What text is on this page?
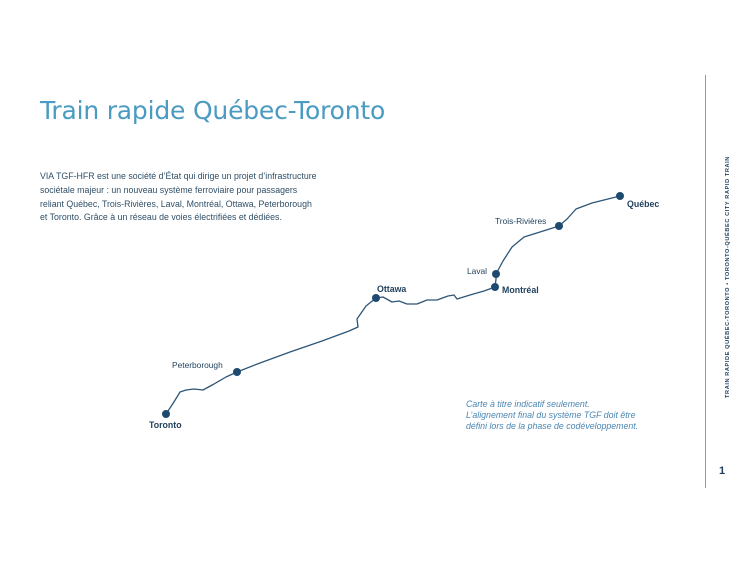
Train rapide Québec-Toronto

VIA TGF-HFR est une société d’État qui dirige un projet d’infrastructure
sociétale majeur : un nouveau système ferroviaire pour passagers
reliant Québec, Trois-Rivières, Laval, Montréal, Ottawa, Peterborough
et Toronto. Grâce à un réseau de voies électrifiées et dédiées.

Québec
Trois-Rivières
Laval
Montréal
Ottawa
Peterborough
Toronto

Carte à titre indicatif seulement.
L’alignement final du système TGF doit être
défini lors de la phase de codéveloppement.

TRAIN RAPIDE QUÉBEC-TORONTO • TORONTO-QUÉBEC CITY RAPID TRAIN
1
